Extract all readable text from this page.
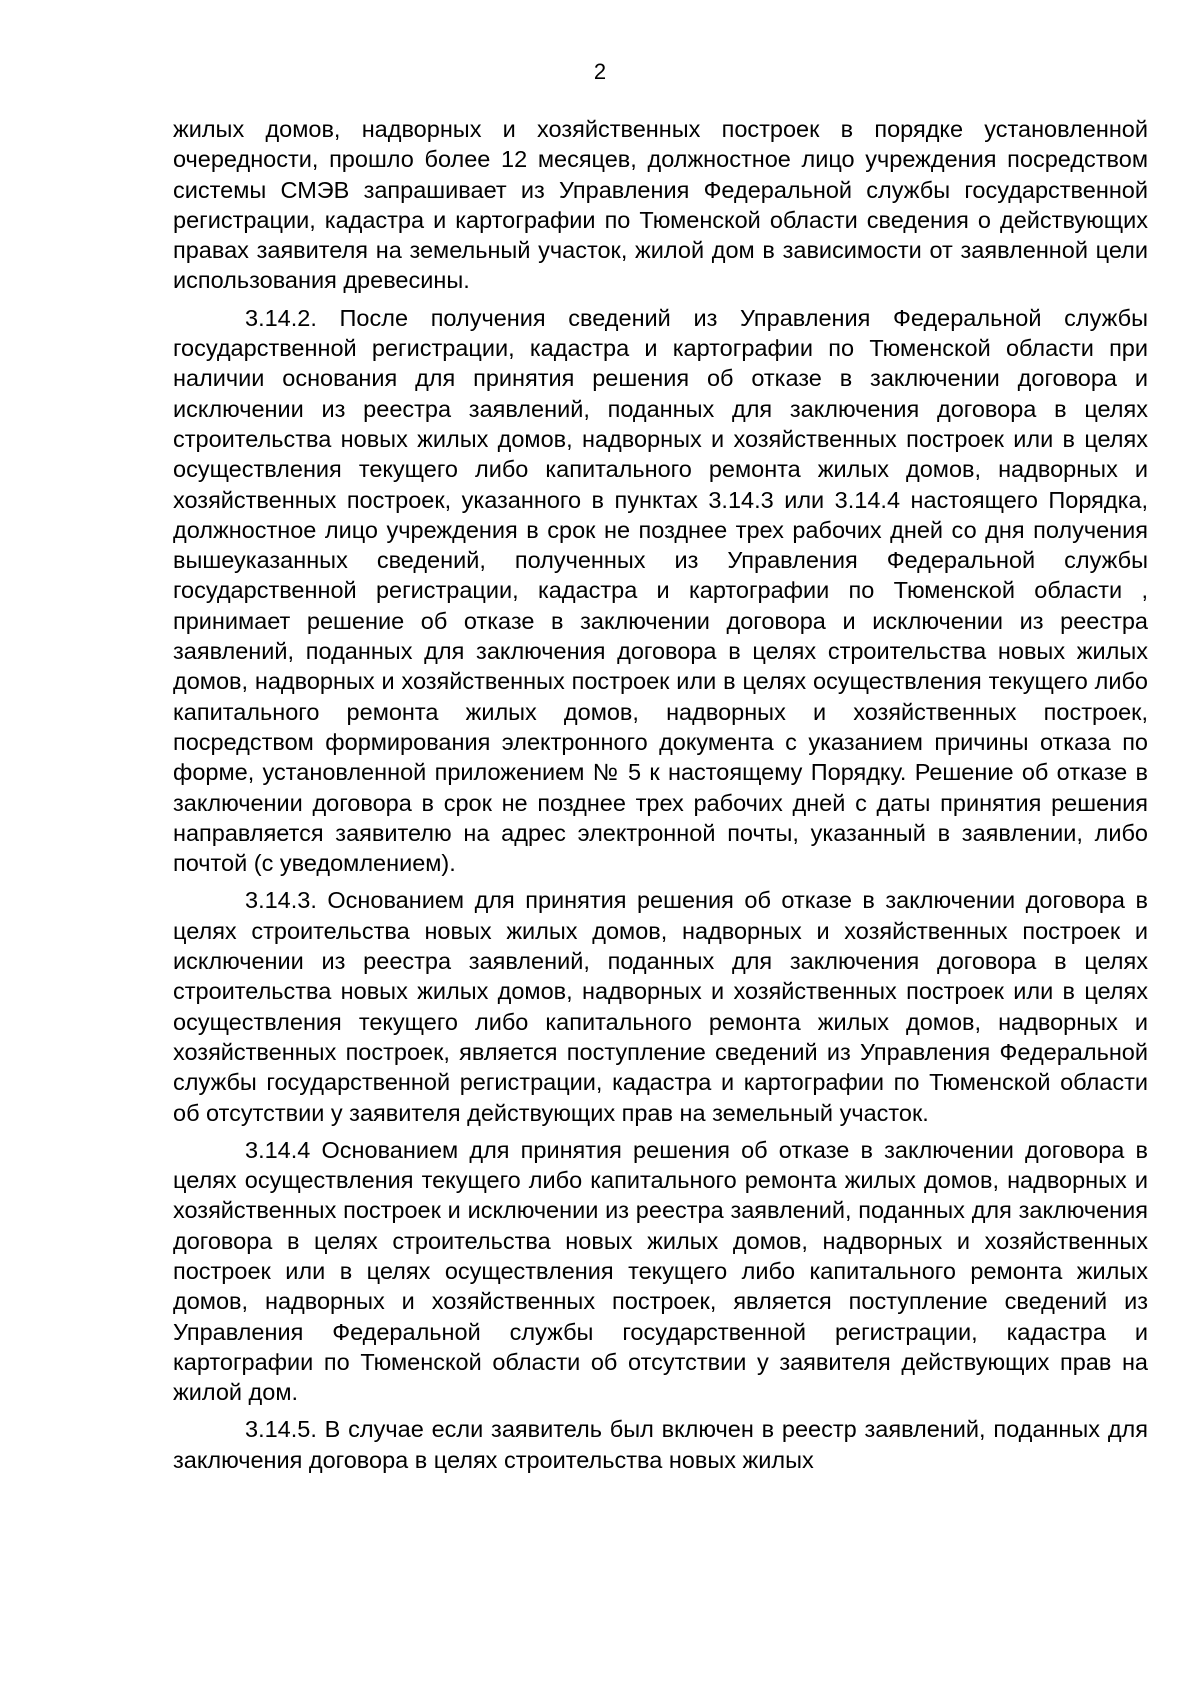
2

жилых домов, надворных и хозяйственных построек в порядке установленной очередности, прошло более 12 месяцев, должностное лицо учреждения посредством системы СМЭВ запрашивает из Управления Федеральной службы государственной регистрации, кадастра и картографии по Тюменской области сведения о действующих правах заявителя на земельный участок, жилой дом в зависимости от заявленной цели использования древесины.

3.14.2. После получения сведений из Управления Федеральной службы государственной регистрации, кадастра и картографии по Тюменской области при наличии основания для принятия решения об отказе в заключении договора и исключении из реестра заявлений, поданных для заключения договора в целях строительства новых жилых домов, надворных и хозяйственных построек или в целях осуществления текущего либо капитального ремонта жилых домов, надворных и хозяйственных построек, указанного в пунктах 3.14.3 или 3.14.4 настоящего Порядка, должностное лицо учреждения в срок не позднее трех рабочих дней со дня получения вышеуказанных сведений, полученных из Управления Федеральной службы государственной регистрации, кадастра и картографии по Тюменской области , принимает решение об отказе в заключении договора и исключении из реестра заявлений, поданных для заключения договора в целях строительства новых жилых домов, надворных и хозяйственных построек или в целях осуществления текущего либо капитального ремонта жилых домов, надворных и хозяйственных построек, посредством формирования электронного документа с указанием причины отказа по форме, установленной приложением № 5 к настоящему Порядку. Решение об отказе в заключении договора в срок не позднее трех рабочих дней с даты принятия решения направляется заявителю на адрес электронной почты, указанный в заявлении, либо почтой (с уведомлением).

3.14.3. Основанием для принятия решения об отказе в заключении договора в целях строительства новых жилых домов, надворных и хозяйственных построек и исключении из реестра заявлений, поданных для заключения договора в целях строительства новых жилых домов, надворных и хозяйственных построек или в целях осуществления текущего либо капитального ремонта жилых домов, надворных и хозяйственных построек, является поступление сведений из Управления Федеральной службы государственной регистрации, кадастра и картографии по Тюменской области об отсутствии у заявителя действующих прав на земельный участок.

3.14.4 Основанием для принятия решения об отказе в заключении договора в целях осуществления текущего либо капитального ремонта жилых домов, надворных и хозяйственных построек и исключении из реестра заявлений, поданных для заключения договора в целях строительства новых жилых домов, надворных и хозяйственных построек или в целях осуществления текущего либо капитального ремонта жилых домов, надворных и хозяйственных построек, является поступление сведений из Управления Федеральной службы государственной регистрации, кадастра и картографии по Тюменской области об отсутствии у заявителя действующих прав на жилой дом.

3.14.5. В случае если заявитель был включен в реестр заявлений, поданных для заключения договора в целях строительства новых жилых
